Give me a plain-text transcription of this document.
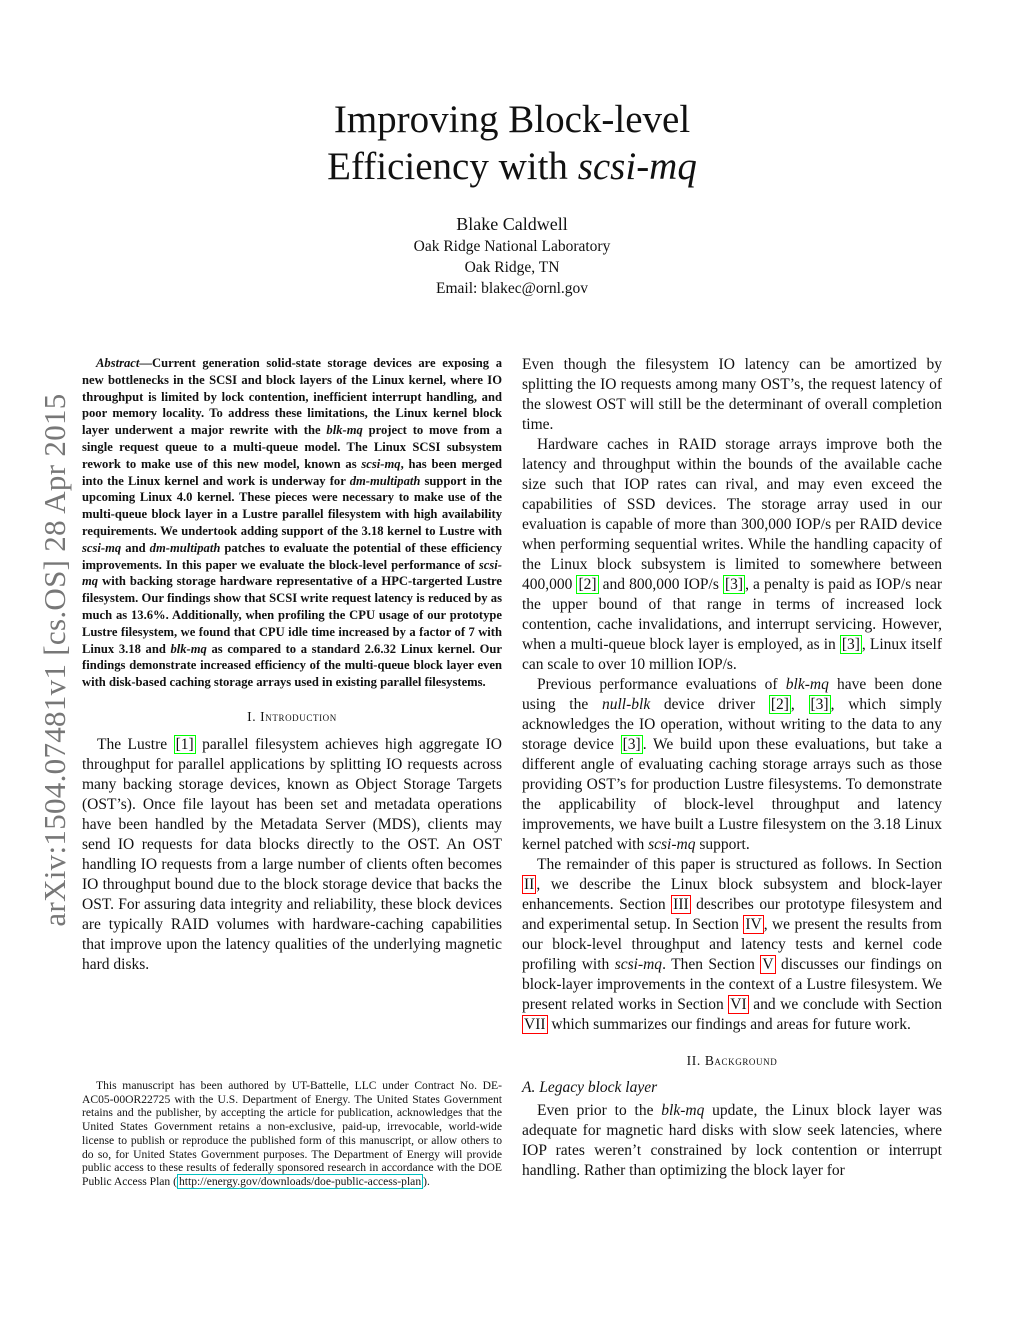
Improving Block-level
Efficiency with scsi-mq
Blake Caldwell
Oak Ridge National Laboratory
Oak Ridge, TN
Email: blakec@ornl.gov
arXiv:1504.07481v1 [cs.OS] 28 Apr 2015

Abstract—Current generation solid-state storage devices are exposing a new bottlenecks in the SCSI and block layers of the Linux kernel, where IO throughput is limited by lock contention, inefficient interrupt handling, and poor memory locality. To address these limitations, the Linux kernel block layer underwent a major rewrite with the blk-mq project to move from a single request queue to a multi-queue model. The Linux SCSI subsystem rework to make use of this new model, known as scsi-mq, has been merged into the Linux kernel and work is underway for dm-multipath support in the upcoming Linux 4.0 kernel. These pieces were necessary to make use of the multi-queue block layer in a Lustre parallel filesystem with high availability requirements. We undertook adding support of the 3.18 kernel to Lustre with scsi-mq and dm-multipath patches to evaluate the potential of these efficiency improvements. In this paper we evaluate the block-level performance of scsi-mq with backing storage hardware representative of a HPC-targerted Lustre filesystem. Our findings show that SCSI write request latency is reduced by as much as 13.6%. Additionally, when profiling the CPU usage of our prototype Lustre filesystem, we found that CPU idle time increased by a factor of 7 with Linux 3.18 and blk-mq as compared to a standard 2.6.32 Linux kernel. Our findings demonstrate increased efficiency of the multi-queue block layer even with disk-based caching storage arrays used in existing parallel filesystems.

I. Introduction

The Lustre [1] parallel filesystem achieves high aggregate IO throughput for parallel applications by splitting IO requests across many backing storage devices, known as Object Storage Targets (OST’s). Once file layout has been set and metadata operations have been handled by the Metadata Server (MDS), clients may send IO requests for data blocks directly to the OST. An OST handling IO requests from a large number of clients often becomes IO throughput bound due to the block storage device that backs the OST. For assuring data integrity and reliability, these block devices are typically RAID volumes with hardware-caching capabilities that improve upon the latency qualities of the underlying magnetic hard disks.

This manuscript has been authored by UT-Battelle, LLC under Contract No. DE-AC05-00OR22725 with the U.S. Department of Energy. The United States Government retains and the publisher, by accepting the article for publication, acknowledges that the United States Government retains a non-exclusive, paid-up, irrevocable, world-wide license to publish or reproduce the published form of this manuscript, or allow others to do so, for United States Government purposes. The Department of Energy will provide public access to these results of federally sponsored research in accordance with the DOE Public Access Plan ( http://energy.gov/downloads/doe-public-access-plan ).

Even though the filesystem IO latency can be amortized by splitting the IO requests among many OST’s, the request latency of the slowest OST will still be the determinant of overall completion time.

Hardware caches in RAID storage arrays improve both the latency and throughput within the bounds of the available cache size such that IOP rates can rival, and may even exceed the capabilities of SSD devices. The storage array used in our evaluation is capable of more than 300,000 IOP/s per RAID device when performing sequential writes. While the handling capacity of the Linux block subsystem is limited to somewhere between 400,000 [2] and 800,000 IOP/s [3] , a penalty is paid as IOP/s near the upper bound of that range in terms of increased lock contention, cache invalidations, and interrupt servicing. However, when a multi-queue block layer is employed, as in [3] , Linux itself can scale to over 10 million IOP/s.

Previous performance evaluations of blk-mq have been done using the null-blk device driver [2] , [3] , which simply acknowledges the IO operation, without writing to the data to any storage device [3] . We build upon these evaluations, but take a different angle of evaluating caching storage arrays such as those providing OST’s for production Lustre filesystems. To demonstrate the applicability of block-level throughput and latency improvements, we have built a Lustre filesystem on the 3.18 Linux kernel patched with scsi-mq support.

The remainder of this paper is structured as follows. In Section II , we describe the Linux block subsystem and block-layer enhancements. Section III describes our prototype filesystem and and experimental setup. In Section IV , we present the results from our block-level throughput and latency tests and kernel code profiling with scsi-mq. Then Section V discusses our findings on block-layer improvements in the context of a Lustre filesystem. We present related works in Section VI and we conclude with Section VII which summarizes our findings and areas for future work.

II. Background
A. Legacy block layer

Even prior to the blk-mq update, the Linux block layer was adequate for magnetic hard disks with slow seek latencies, where IOP rates weren’t constrained by lock contention or interrupt handling. Rather than optimizing the block layer for
